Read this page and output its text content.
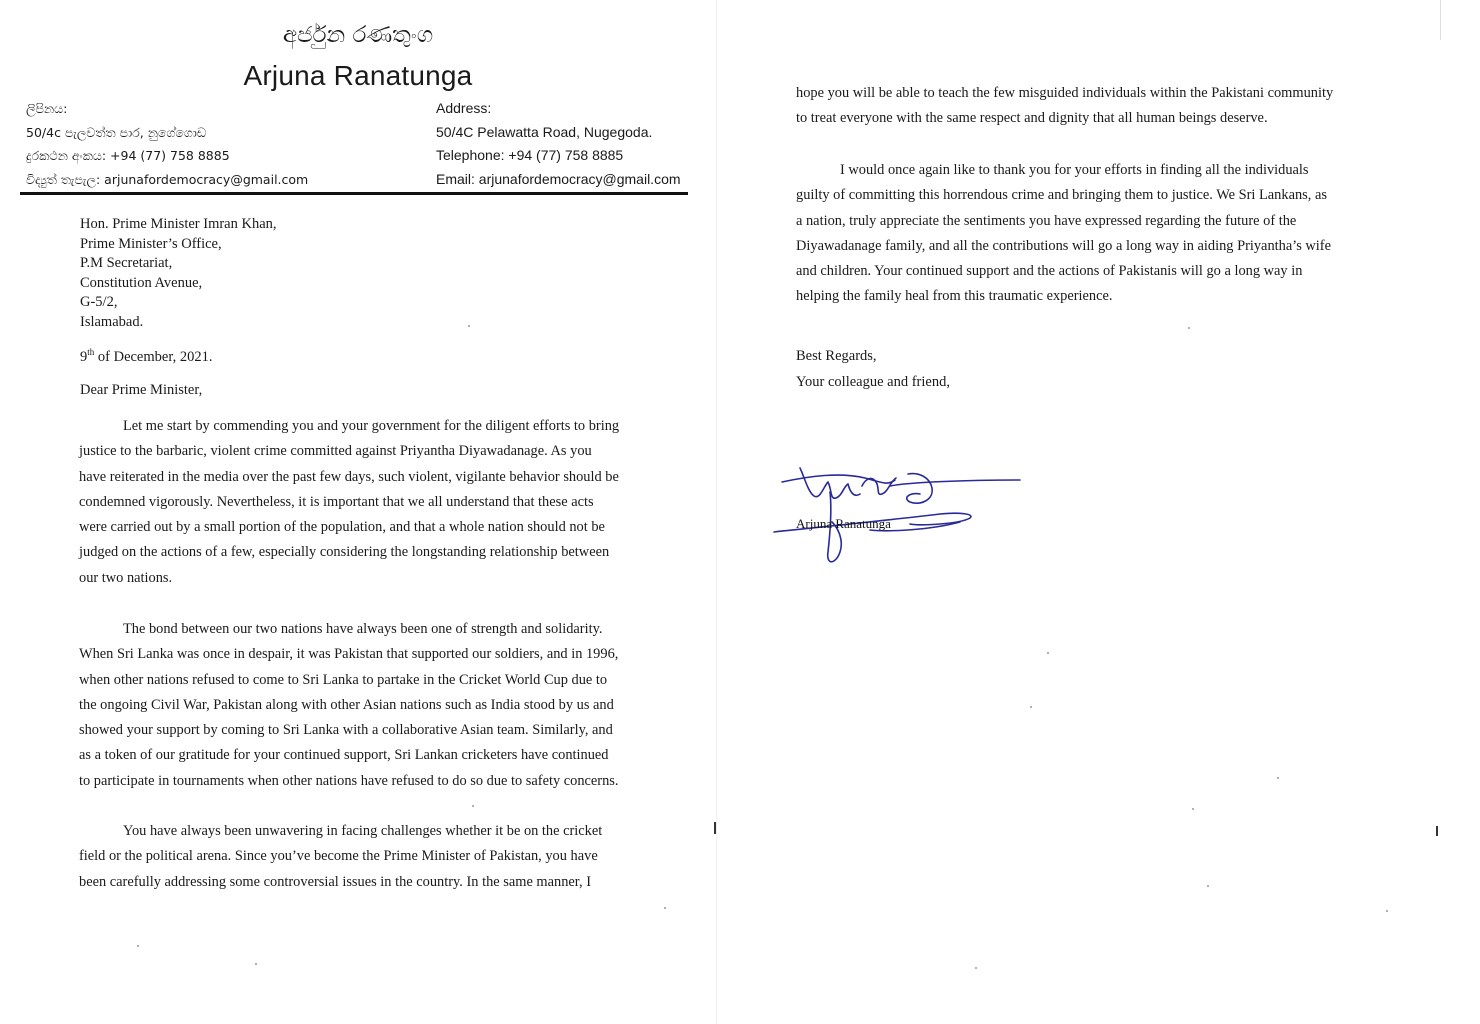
අර්ජුන රණතුංග
Arjuna Ranatunga
ලිපිනය:
50/4c පැලවත්ත පාර, නුගේගොඩ
දුරකථන අංකය: +94 (77) 758 8885
විද්‍යුත් තැපැල: arjunafordemocracy@gmail.com
Address:
50/4C Pelawatta Road, Nugegoda.
Telephone: +94 (77) 758 8885
Email: arjunafordemocracy@gmail.com
Hon. Prime Minister Imran Khan,
Prime Minister’s Office,
P.M Secretariat,
Constitution Avenue,
G-5/2,
Islamabad.
9th of December, 2021.
Dear Prime Minister,
Let me start by commending you and your government for the diligent efforts to bring
justice to the barbaric, violent crime committed against Priyantha Diyawadanage. As you
have reiterated in the media over the past few days, such violent, vigilante behavior should be
condemned vigorously. Nevertheless, it is important that we all understand that these acts
were carried out by a small portion of the population, and that a whole nation should not be
judged on the actions of a few, especially considering the longstanding relationship between
our two nations.
The bond between our two nations have always been one of strength and solidarity.
When Sri Lanka was once in despair, it was Pakistan that supported our soldiers, and in 1996,
when other nations refused to come to Sri Lanka to partake in the Cricket World Cup due to
the ongoing Civil War, Pakistan along with other Asian nations such as India stood by us and
showed your support by coming to Sri Lanka with a collaborative Asian team. Similarly, and
as a token of our gratitude for your continued support, Sri Lankan cricketers have continued
to participate in tournaments when other nations have refused to do so due to safety concerns.
You have always been unwavering in facing challenges whether it be on the cricket
field or the political arena. Since you’ve become the Prime Minister of Pakistan, you have
been carefully addressing some controversial issues in the country. In the same manner, I
hope you will be able to teach the few misguided individuals within the Pakistani community
to treat everyone with the same respect and dignity that all human beings deserve.
I would once again like to thank you for your efforts in finding all the individuals
guilty of committing this horrendous crime and bringing them to justice. We Sri Lankans, as
a nation, truly appreciate the sentiments you have expressed regarding the future of the
Diyawadanage family, and all the contributions will go a long way in aiding Priyantha’s wife
and children. Your continued support and the actions of Pakistanis will go a long way in
helping the family heal from this traumatic experience.
Best Regards,
Your colleague and friend,
Arjuna Ranatunga
